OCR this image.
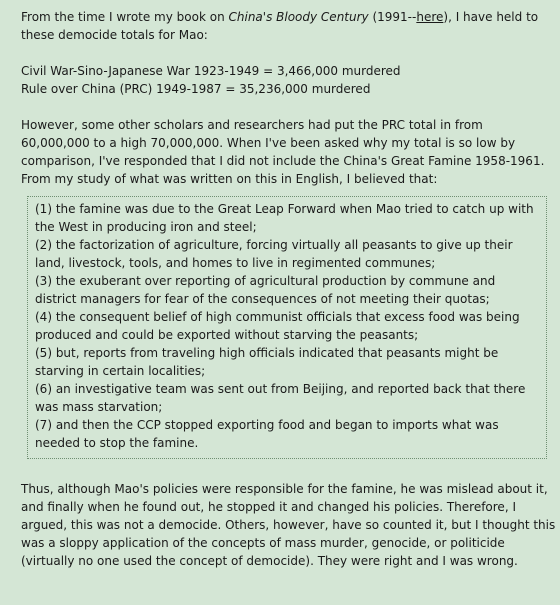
From the time I wrote my book on China's Bloody Century (1991--here), I have held to these democide totals for Mao:

Civil War-Sino-Japanese War 1923-1949 = 3,466,000 murdered
Rule over China (PRC) 1949-1987 = 35,236,000 murdered

However, some other scholars and researchers had put the PRC total in from 60,000,000 to a high 70,000,000. When I've been asked why my total is so low by comparison, I've responded that I did not include the China's Great Famine 1958-1961. From my study of what was written on this in English, I believed that:

(1) the famine was due to the Great Leap Forward when Mao tried to catch up with the West in producing iron and steel;

(2) the factorization of agriculture, forcing virtually all peasants to give up their land, livestock, tools, and homes to live in regimented communes;

(3) the exuberant over reporting of agricultural production by commune and district managers for fear of the consequences of not meeting their quotas;

(4) the consequent belief of high communist officials that excess food was being produced and could be exported without starving the peasants;

(5) but, reports from traveling high officials indicated that peasants might be starving in certain localities;

(6) an investigative team was sent out from Beijing, and reported back that there was mass starvation;

(7) and then the CCP stopped exporting food and began to imports what was needed to stop the famine.

Thus, although Mao's policies were responsible for the famine, he was mislead about it, and finally when he found out, he stopped it and changed his policies. Therefore, I argued, this was not a democide. Others, however, have so counted it, but I thought this was a sloppy application of the concepts of mass murder, genocide, or politicide (virtually no one used the concept of democide). They were right and I was wrong.
